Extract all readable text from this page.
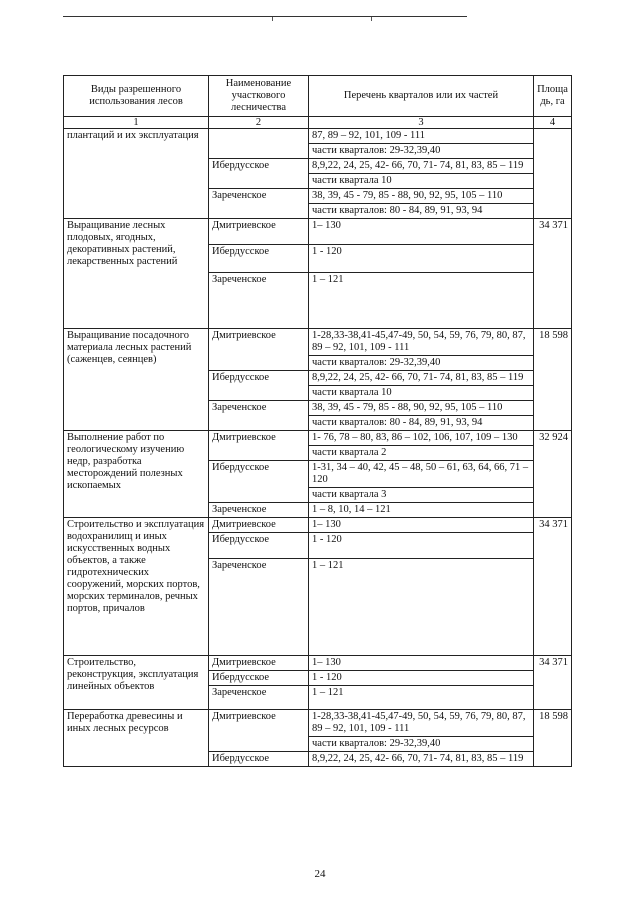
Виды разрешенного использования лесов	Наименование участкового лесничества	Перечень кварталов или их частей	Площадь, га
1	2	3	4
плантаций и их эксплуатация		87, 89 – 92, 101, 109 - 111	
		части кварталов: 29-32,39,40	
	Ибердусское	8,9,22, 24, 25, 42- 66, 70, 71- 74, 81, 83, 85 – 119	
		части квартала 10	
	Зареченское	38, 39, 45 - 79, 85 - 88, 90, 92, 95, 105 – 110	
		части кварталов: 80 - 84, 89, 91, 93, 94	
Выращивание лесных плодовых, ягодных, декоративных растений, лекарственных растений	Дмитриевское	1– 130	34 371
	Ибердусское	1 - 120	
	Зареченское	1 – 121	
Выращивание посадочного материала лесных растений (саженцев, сеянцев)	Дмитриевское	1-28,33-38,41-45,47-49, 50, 54, 59, 76, 79, 80, 87, 89 – 92, 101, 109 - 111	18 598
		части кварталов: 29-32,39,40	
	Ибердусское	8,9,22, 24, 25, 42- 66, 70, 71- 74, 81, 83, 85 – 119	
		части квартала 10	
	Зареченское	38, 39, 45 - 79, 85 - 88, 90, 92, 95, 105 – 110	
		части кварталов: 80 - 84, 89, 91, 93, 94	
Выполнение работ по геологическому изучению недр, разработка месторождений полезных ископаемых	Дмитриевское	1- 76, 78 – 80, 83, 86 – 102, 106, 107, 109 – 130	32 924
		части квартала 2	
	Ибердусское	1-31, 34 – 40, 42, 45 – 48, 50 – 61, 63, 64, 66, 71 – 120	
		части квартала 3	
	Зареченское	1 – 8, 10, 14 – 121	
Строительство и эксплуатация водохранилищ и иных искусственных водных объектов, а также гидротехнических сооружений, морских портов, морских терминалов, речных портов, причалов	Дмитриевское	1– 130	34 371
	Ибердусское	1 - 120	
	Зареченское	1 – 121	
Строительство, реконструкция, эксплуатация линейных объектов	Дмитриевское	1– 130	34 371
	Ибердусское	1 - 120	
	Зареченское	1 – 121	
Переработка древесины и иных лесных ресурсов	Дмитриевское	1-28,33-38,41-45,47-49, 50, 54, 59, 76, 79, 80, 87, 89 – 92, 101, 109 - 111	18 598
		части кварталов: 29-32,39,40	
	Ибердусское	8,9,22, 24, 25, 42- 66, 70, 71- 74, 81, 83, 85 – 119	
24
